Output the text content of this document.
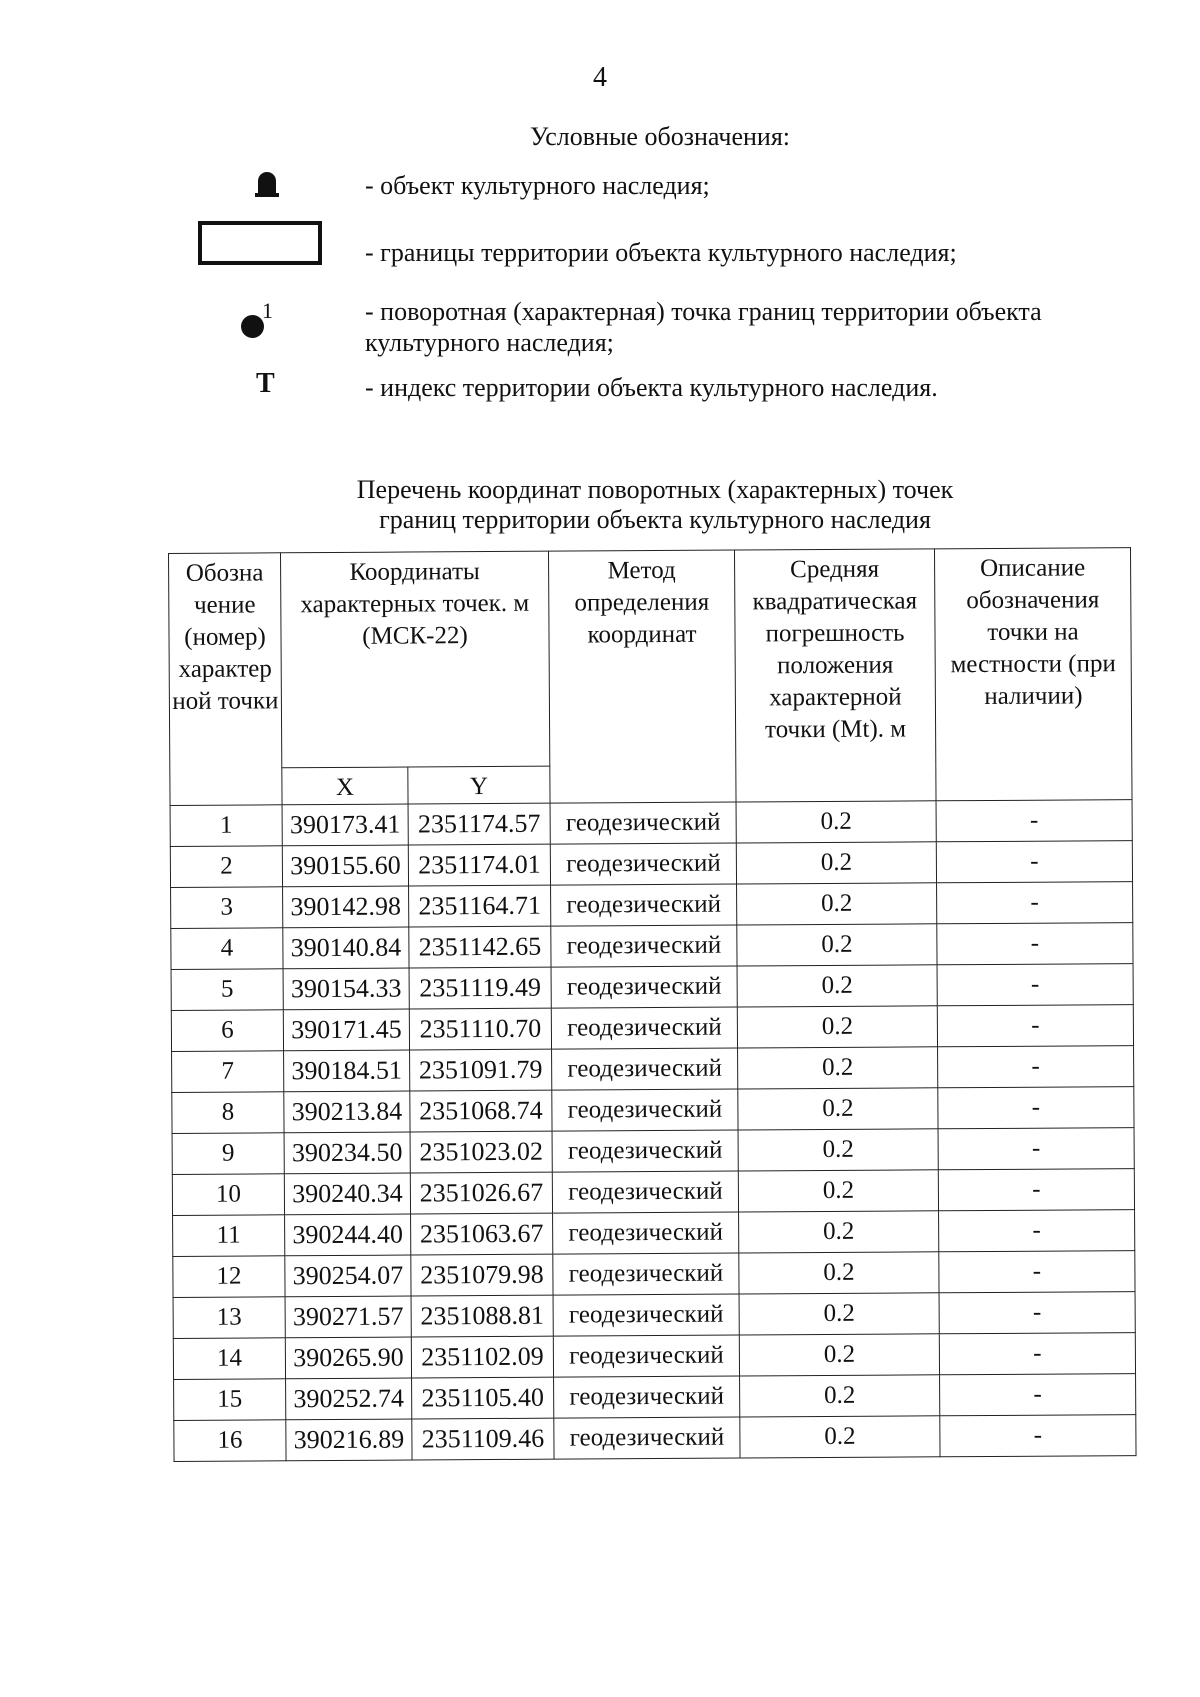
4
Условные обозначения:
- объект культурного наследия;
- границы территории объекта культурного наследия;
1	- поворотная (характерная) точка границ территории объекта культурного наследия;
Т	- индекс территории объекта культурного наследия.
Перечень координат поворотных (характерных) точек
границ территории объекта культурного наследия
Обозна чение (номер) характер ной точки	Координаты характерных точек. м (МСК-22)		Метод определения координат	Средняя квадратическая погрешность положения характерной точки (Mt). м	Описание обозначения точки на местности (при наличии)
	X	Y			
1	390173.41	2351174.57	геодезический	0.2	-
2	390155.60	2351174.01	геодезический	0.2	-
3	390142.98	2351164.71	геодезический	0.2	-
4	390140.84	2351142.65	геодезический	0.2	-
5	390154.33	2351119.49	геодезический	0.2	-
6	390171.45	2351110.70	геодезический	0.2	-
7	390184.51	2351091.79	геодезический	0.2	-
8	390213.84	2351068.74	геодезический	0.2	-
9	390234.50	2351023.02	геодезический	0.2	-
10	390240.34	2351026.67	геодезический	0.2	-
11	390244.40	2351063.67	геодезический	0.2	-
12	390254.07	2351079.98	геодезический	0.2	-
13	390271.57	2351088.81	геодезический	0.2	-
14	390265.90	2351102.09	геодезический	0.2	-
15	390252.74	2351105.40	геодезический	0.2	-
16	390216.89	2351109.46	геодезический	0.2	-
